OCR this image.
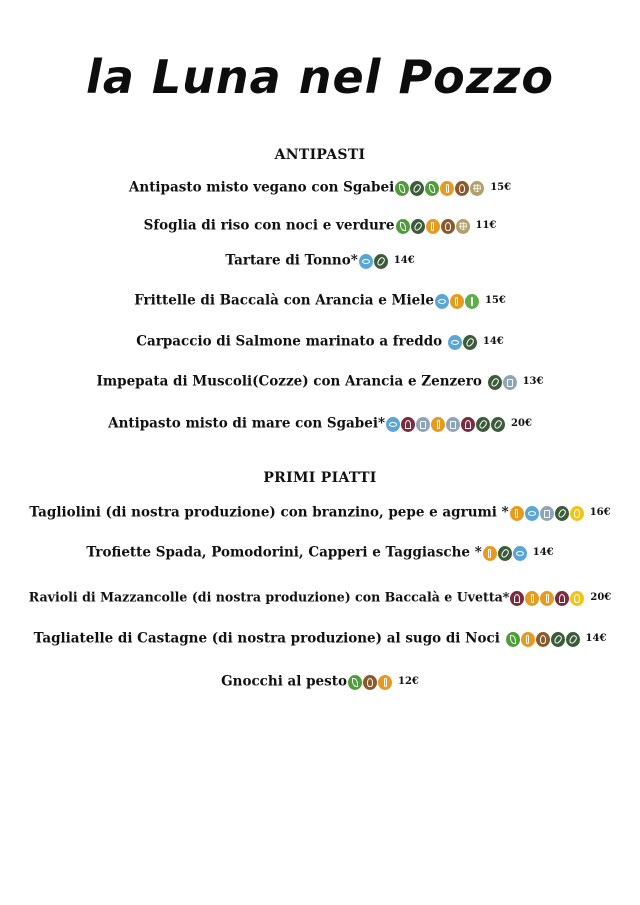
la Luna nel Pozzo
ANTIPASTI
Antipasto misto vegano con Sgabei	15€
Sfoglia di riso con noci e verdure	11€
Tartare di Tonno*	14€
Frittelle di Baccalà con Arancia e Miele	15€
Carpaccio di Salmone marinato a freddo	14€
Impepata di Muscoli(Cozze) con Arancia e Zenzero	13€
Antipasto misto di mare con Sgabei*	20€
PRIMI PIATTI
Tagliolini (di nostra produzione) con branzino, pepe e agrumi *	16€
Trofiette Spada, Pomodorini, Capperi e Taggiasche *	14€
Ravioli di Mazzancolle (di nostra produzione) con Baccalà e Uvetta*	20€
Tagliatelle di Castagne (di nostra produzione) al sugo di Noci	14€
Gnocchi al pesto	12€
